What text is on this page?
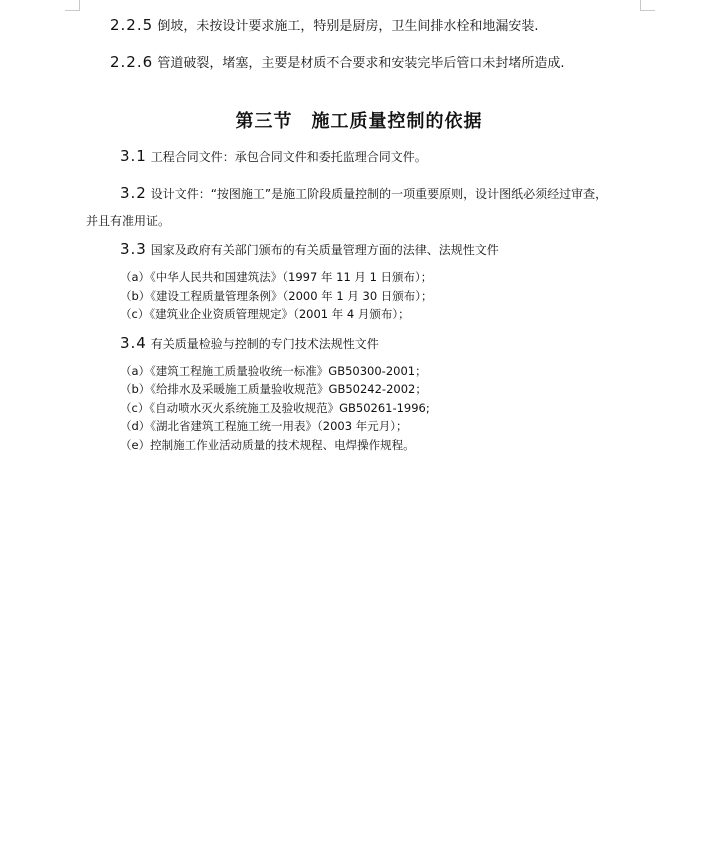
2.2.5 倒坡，未按设计要求施工，特别是厨房，卫生间排水栓和地漏安装.
2.2.6 管道破裂，堵塞，主要是材质不合要求和安装完毕后管口未封堵所造成.
第三节　施工质量控制的依据
3.1 工程合同文件：承包合同文件和委托监理合同文件。
3.2 设计文件：“按图施工”是施工阶段质量控制的一项重要原则，设计图纸必须经过审查，
并且有准用证。
3.3 国家及政府有关部门颁布的有关质量管理方面的法律、法规性文件
（a）《中华人民共和国建筑法》（1997 年 11 月 1 日颁布）；
（b）《建设工程质量管理条例》（2000 年 1 月 30 日颁布）；
（c）《建筑业企业资质管理规定》（2001 年 4 月颁布）；
3.4 有关质量检验与控制的专门技术法规性文件
（a）《建筑工程施工质量验收统一标准》GB50300-2001；
（b）《给排水及采暖施工质量验收规范》GB50242-2002；
（c）《自动喷水灭火系统施工及验收规范》GB50261-1996;
（d）《湖北省建筑工程施工统一用表》（2003 年元月）；
（e）控制施工作业活动质量的技术规程、电焊操作规程。
